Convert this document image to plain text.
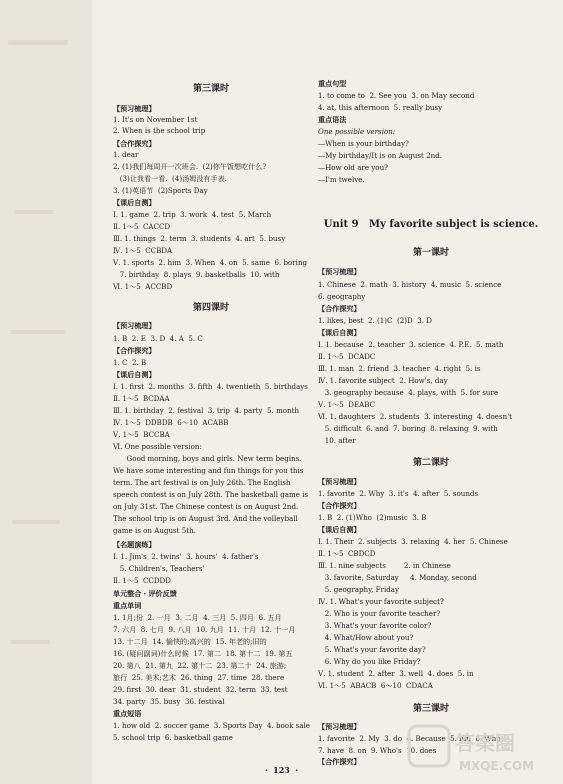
第三课时
【预习梳理】
1. It's on November 1st
2. When is the school trip
【合作探究】
1. dear
2. (1)我们每周开一次班会.  (2)你午饭想吃什么?
(3)让我看一看.  (4)汤姆没有手表.
3. (1)英语节  (2)Sports Day
【课后自测】
Ⅰ. 1. game  2. trip  3. work  4. test  5. March
Ⅱ. 1～5  CACCD
Ⅲ. 1. things  2. term  3. students  4. art  5. busy
Ⅳ. 1～5  CCBDA
Ⅴ. 1. sports  2. him  3. When  4. on  5. same  6. boring
7. birthday  8. plays  9. basketballs  10. with
Ⅵ. 1～5  ACCBD
第四课时
【预习梳理】
1. B  2. E  3. D  4. A  5. C
【合作探究】
1. C  2. B
【课后自测】
Ⅰ. 1. first  2. months  3. fifth  4. twentieth  5. birthdays
Ⅱ. 1～5  BCDAA
Ⅲ. 1. birthday  2. festival  3. trip  4. party  5. month
Ⅳ. 1～5  DDBDB  6～10  ACABB
Ⅴ. 1～5  BCCBA
Ⅵ. One possible version:
Good morning, boys and girls. New term begins.
We have some interesting and fun things for you this
term. The art festival is on July 26th. The English
speech contest is on July 28th. The basketball game is
on July 31st. The Chinese contest is on August 2nd.
The school trip is on August 3rd. And the volleyball
game is on August 5th.
【名题演练】
Ⅰ. 1. Jim's  2. twins'  3. hours'  4. father's
5. Children's, Teachers'
Ⅱ. 1～5  CCDDD
单元整合・评价反馈
重点单词
1. 1月;份  2. 一月  3. 二月  4. 三月  5. 四月  6. 五月
7. 六月  8. 七月  9. 八月  10. 九月  11. 十月  12. 十一月
13. 十二月  14. 愉快的;高兴的  15. 年老的;旧的
16. (疑问副词)什么时候  17. 第二  18. 第十二  19. 第五
20. 第八  21. 第九  22. 第十二  23. 第二十  24. 旅游;
旅行  25. 美术;艺术  26. thing  27. time  28. there
29. first  30. dear  31. student  32. term  33. test
34. party  35. busy  36. festival
重点短语
1. how old  2. soccer game  3. Sports Day  4. book sale
5. school trip  6. basketball game
重点句型
1. to come to  2. See you  3. on May second
4. at, this afternoon  5. really busy
重点语法
One possible version:
—When is your birthday?
—My birthday/It is on August 2nd.
—How old are you?
—I'm twelve.
Unit 9   My favorite subject is science.
第一课时
【预习梳理】
1. Chinese  2. math  3. history  4. music  5. science
6. geography
【合作探究】
1. likes, best  2. (1)C  (2)D  3. D
【课后自测】
Ⅰ. 1. because  2. teacher  3. science  4. P.E.  5. math
Ⅱ. 1～5  DCADC
Ⅲ. 1. man  2. friend  3. teacher  4. right  5. is
Ⅳ. 1. favorite subject  2. How's, day
3. geography because  4. plays, with  5. for sure
Ⅴ. 1～5  DEABC
Ⅵ. 1. daughters  2. students  3. interesting  4. doesn't
5. difficult  6. and  7. boring  8. relaxing  9. with
10. after
第二课时
【预习梳理】
1. favorite  2. Why  3. it's  4. after  5. sounds
【合作探究】
1. B  2. (1)Who  (2)music  3. B
【课后自测】
Ⅰ. 1. Their  2. subjects  3. relaxing  4. her  5. Chinese
Ⅱ. 1～5  CBDCD
Ⅲ. 1. nine subjects        2. in Chinese
3. favorite, Saturday     4. Monday, second
5. geography, Friday
Ⅳ. 1. What's your favorite subject?
2. Who is your favorite teacher?
3. What's your favorite color?
4. What/How about you?
5. What's your favorite day?
6. Why do you like Friday?
Ⅴ. 1. student  2. after  3. well  4. does  5. in
Ⅵ. 1～5  ABACB  6～10  CDACA
第三课时
【预习梳理】
1. favorite  2. My  3. do  4. Because  5. fun  6. Who
7. have  8. on  9. Who's  10. does
【合作探究】
・ 123 ・
答案圈
MXQE.COM
